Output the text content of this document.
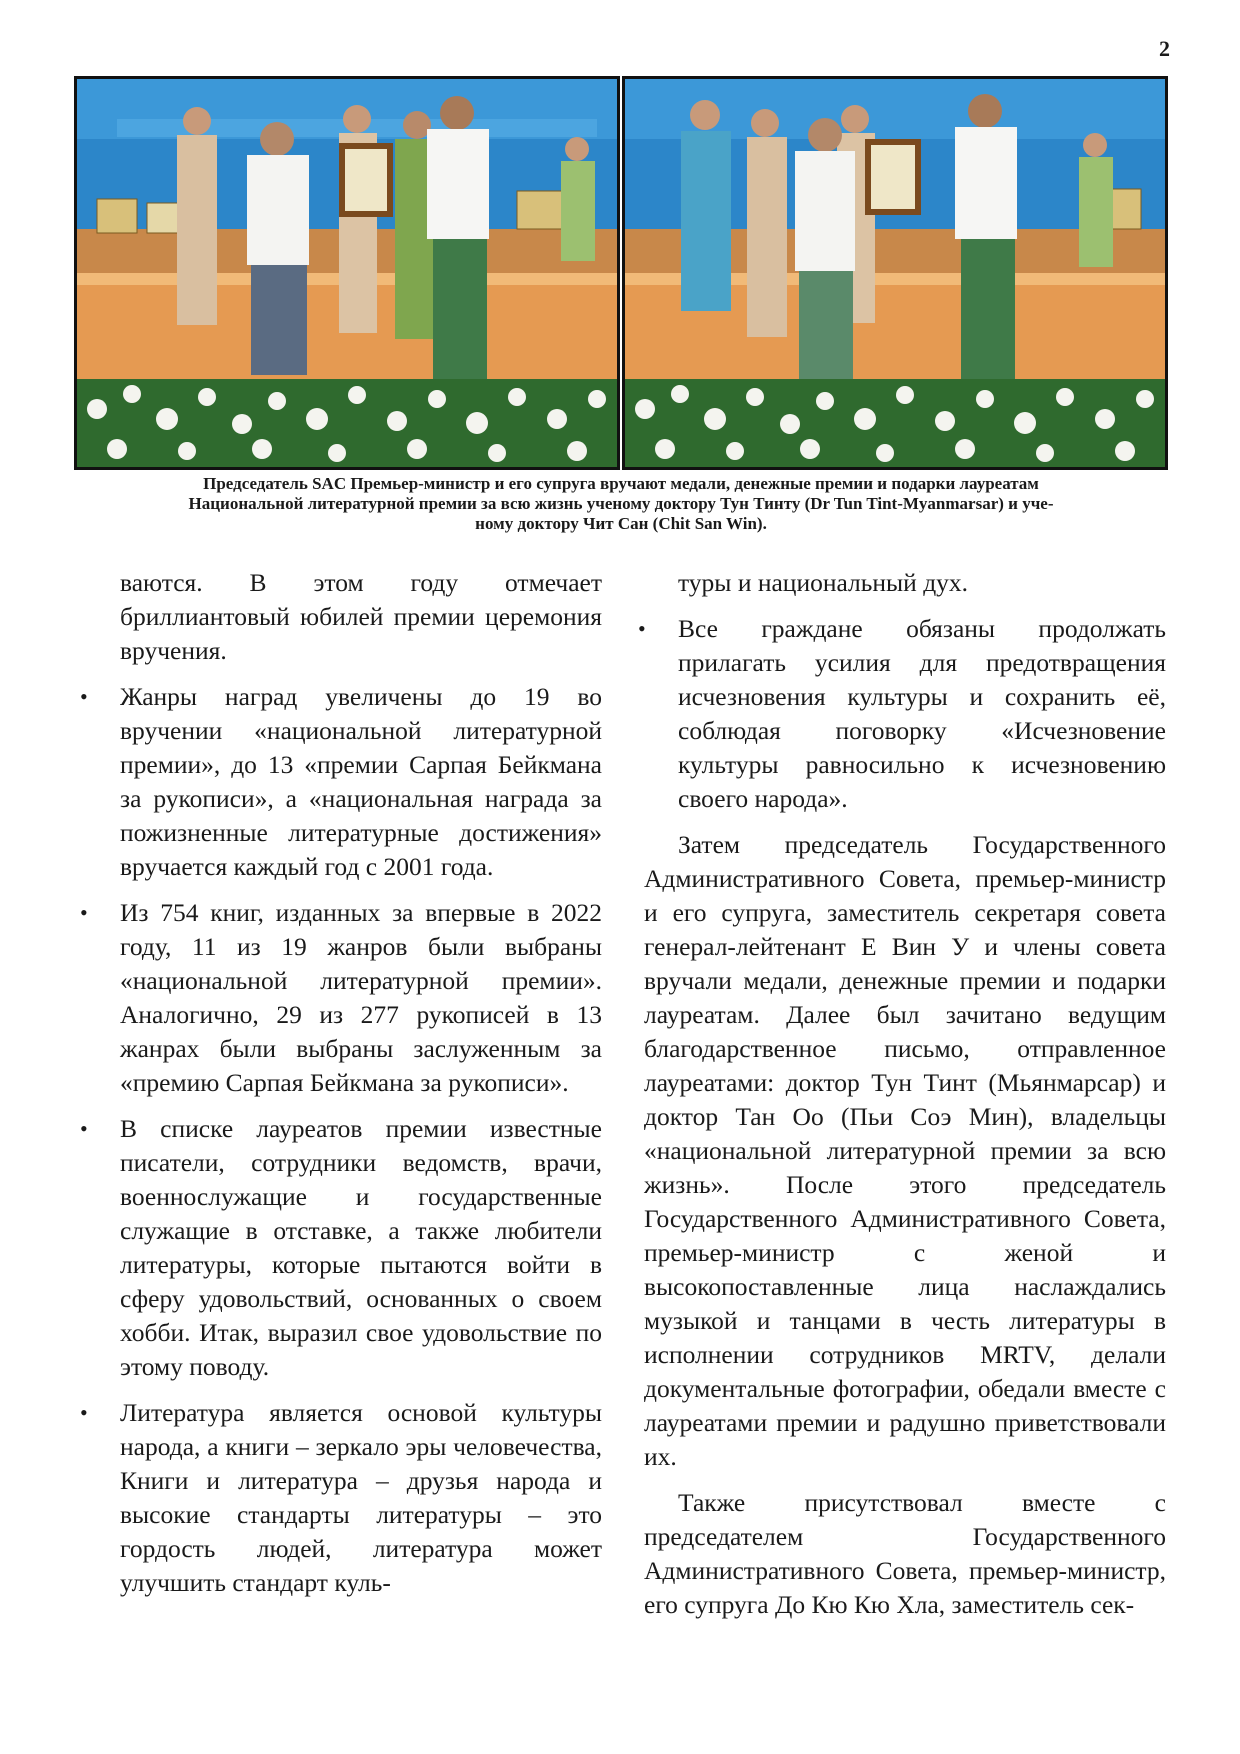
2

Председатель SAC Премьер-министр и его супруга вручают медали, денежные премии и подарки лауреатам

Национальной литературной премии за всю жизнь ученому доктору Тун Тинту (Dr Tun Tint-Myanmarsar) и уче-

ному доктору Чит Сан (Chit San Win).

ваются. В этом году отмечает бриллиантовый юбилей премии церемония вручения.

• Жанры наград увеличены до 19 во вручении «национальной литературной премии», до 13 «премии Сарпая Бейкмана за рукописи», а «национальная награда за пожизненные литературные достижения» вручается каждый год с 2001 года.
• Из 754 книг, изданных за впервые в 2022 году, 11 из 19 жанров были выбраны «национальной литературной премии». Аналогично, 29 из 277 рукописей в 13 жанрах были выбраны заслуженным за «премию Сарпая Бейкмана за рукописи».
• В списке лауреатов премии известные писатели, сотрудники ведомств, врачи, военнослужащие и государственные служащие в отставке, а также любители литературы, которые пытаются войти в сферу удовольствий, основанных о своем хобби. Итак, выразил свое удовольствие по этому поводу.
• Литература является основой культуры народа, а книги – зеркало эры человечества, Книги и литература – друзья народа и высокие стандарты литературы – это гордость людей, литература может улучшить стандарт куль-

туры и национальный дух.

• Все граждане обязаны продолжать прилагать усилия для предотвращения исчезновения культуры и сохранить её, соблюдая поговорку «Исчезновение культуры равносильно к исчезновению своего народа».

Затем председатель Государственного Административного Совета, премьер-министр и его супруга, заместитель секретаря совета генерал-лейтенант Е Вин У и члены совета вручали медали, денежные премии и подарки лауреатам. Далее был зачитано ведущим благодарственное письмо, отправленное лауреатами: доктор Тун Тинт (Мьянмарсар) и доктор Тан Оо (Пьи Соэ Мин), владельцы «национальной литературной премии за всю жизнь». После этого председатель Государственного Административного Совета, премьер-министр с женой и высокопоставленные лица наслаждались музыкой и танцами в честь литературы в исполнении сотрудников MRTV, делали документальные фотографии, обедали вместе с лауреатами премии и радушно приветствовали их.

Также присутствовал вместе с председателем Государственного Административного Совета, премьер-министр, его супруга До Кю Кю Хла, заместитель сек-
